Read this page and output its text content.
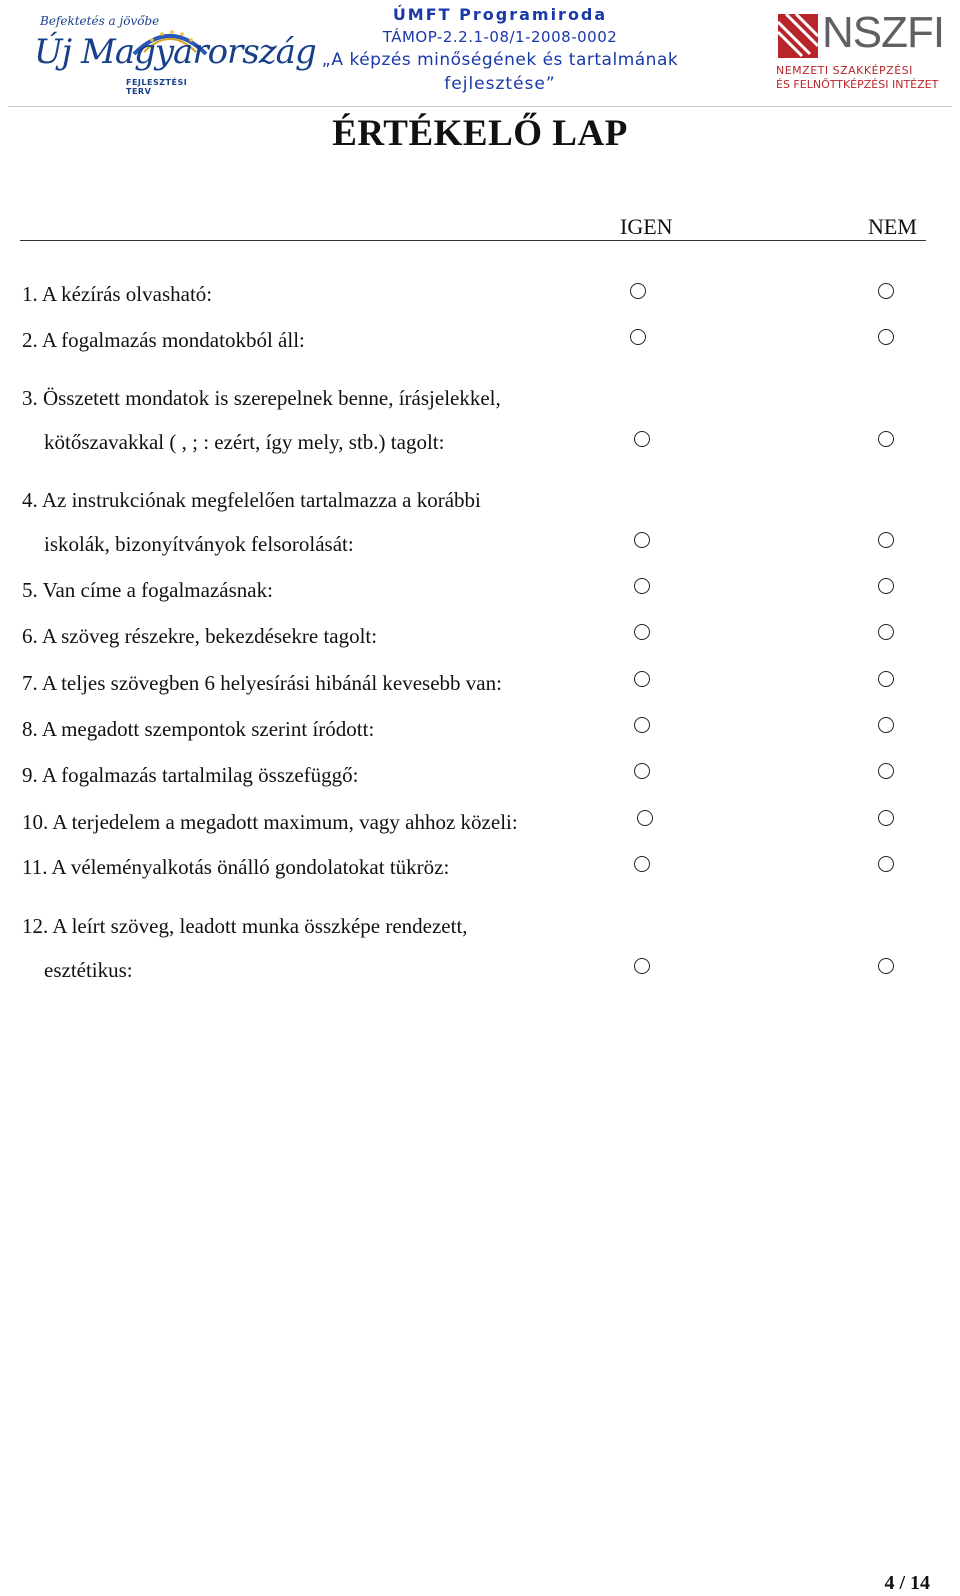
Befektetés a jövőbe
Új Magyarország
FEJLESZTÉSI TERV
ÚMFT Programiroda
TÁMOP-2.2.1-08/1-2008-0002
„A képzés minőségének és tartalmának
fejlesztése”
NSZFI
NEMZETI SZAKKÉPZÉSI
ÉS FELNŐTTKÉPZÉSI INTÉZET
ÉRTÉKELŐ LAP
IGEN	NEM
1. A kézírás olvasható:
2. A fogalmazás mondatokból áll:
3. Összetett mondatok is szerepelnek benne, írásjelekkel,
kötőszavakkal ( , ; : ezért, így mely, stb.) tagolt:
4. Az instrukciónak megfelelően tartalmazza a korábbi
iskolák, bizonyítványok felsorolását:
5. Van címe a fogalmazásnak:
6. A szöveg részekre, bekezdésekre tagolt:
7. A teljes szövegben 6 helyesírási hibánál kevesebb van:
8. A megadott szempontok szerint íródott:
9. A fogalmazás tartalmilag összefüggő:
10. A terjedelem a megadott maximum, vagy ahhoz közeli:
11. A véleményalkotás önálló gondolatokat tükröz:
12. A leírt szöveg, leadott munka összképe rendezett,
esztétikus:
4 / 14
